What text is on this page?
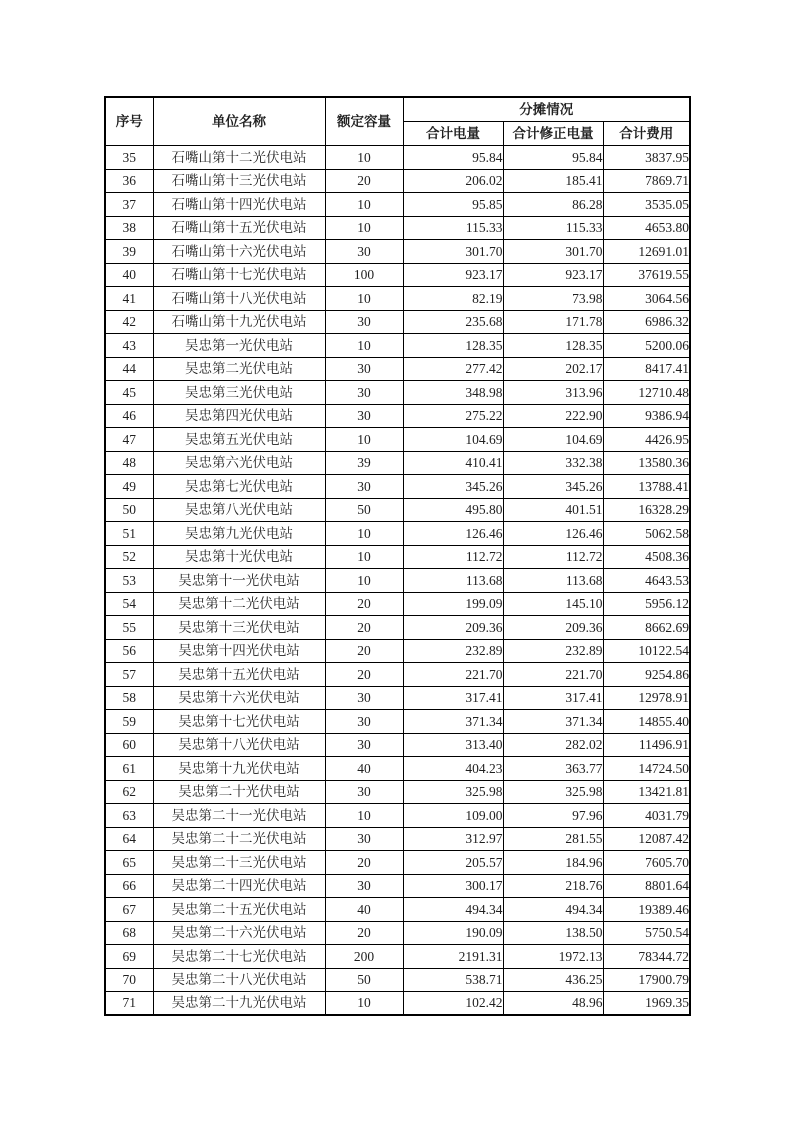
序号	单位名称	额定容量	分摊情况		
			合计电量	合计修正电量	合计费用
35	石嘴山第十二光伏电站	10	95.84	95.84	3837.95
36	石嘴山第十三光伏电站	20	206.02	185.41	7869.71
37	石嘴山第十四光伏电站	10	95.85	86.28	3535.05
38	石嘴山第十五光伏电站	10	115.33	115.33	4653.80
39	石嘴山第十六光伏电站	30	301.70	301.70	12691.01
40	石嘴山第十七光伏电站	100	923.17	923.17	37619.55
41	石嘴山第十八光伏电站	10	82.19	73.98	3064.56
42	石嘴山第十九光伏电站	30	235.68	171.78	6986.32
43	吴忠第一光伏电站	10	128.35	128.35	5200.06
44	吴忠第二光伏电站	30	277.42	202.17	8417.41
45	吴忠第三光伏电站	30	348.98	313.96	12710.48
46	吴忠第四光伏电站	30	275.22	222.90	9386.94
47	吴忠第五光伏电站	10	104.69	104.69	4426.95
48	吴忠第六光伏电站	39	410.41	332.38	13580.36
49	吴忠第七光伏电站	30	345.26	345.26	13788.41
50	吴忠第八光伏电站	50	495.80	401.51	16328.29
51	吴忠第九光伏电站	10	126.46	126.46	5062.58
52	吴忠第十光伏电站	10	112.72	112.72	4508.36
53	吴忠第十一光伏电站	10	113.68	113.68	4643.53
54	吴忠第十二光伏电站	20	199.09	145.10	5956.12
55	吴忠第十三光伏电站	20	209.36	209.36	8662.69
56	吴忠第十四光伏电站	20	232.89	232.89	10122.54
57	吴忠第十五光伏电站	20	221.70	221.70	9254.86
58	吴忠第十六光伏电站	30	317.41	317.41	12978.91
59	吴忠第十七光伏电站	30	371.34	371.34	14855.40
60	吴忠第十八光伏电站	30	313.40	282.02	11496.91
61	吴忠第十九光伏电站	40	404.23	363.77	14724.50
62	吴忠第二十光伏电站	30	325.98	325.98	13421.81
63	吴忠第二十一光伏电站	10	109.00	97.96	4031.79
64	吴忠第二十二光伏电站	30	312.97	281.55	12087.42
65	吴忠第二十三光伏电站	20	205.57	184.96	7605.70
66	吴忠第二十四光伏电站	30	300.17	218.76	8801.64
67	吴忠第二十五光伏电站	40	494.34	494.34	19389.46
68	吴忠第二十六光伏电站	20	190.09	138.50	5750.54
69	吴忠第二十七光伏电站	200	2191.31	1972.13	78344.72
70	吴忠第二十八光伏电站	50	538.71	436.25	17900.79
71	吴忠第二十九光伏电站	10	102.42	48.96	1969.35
